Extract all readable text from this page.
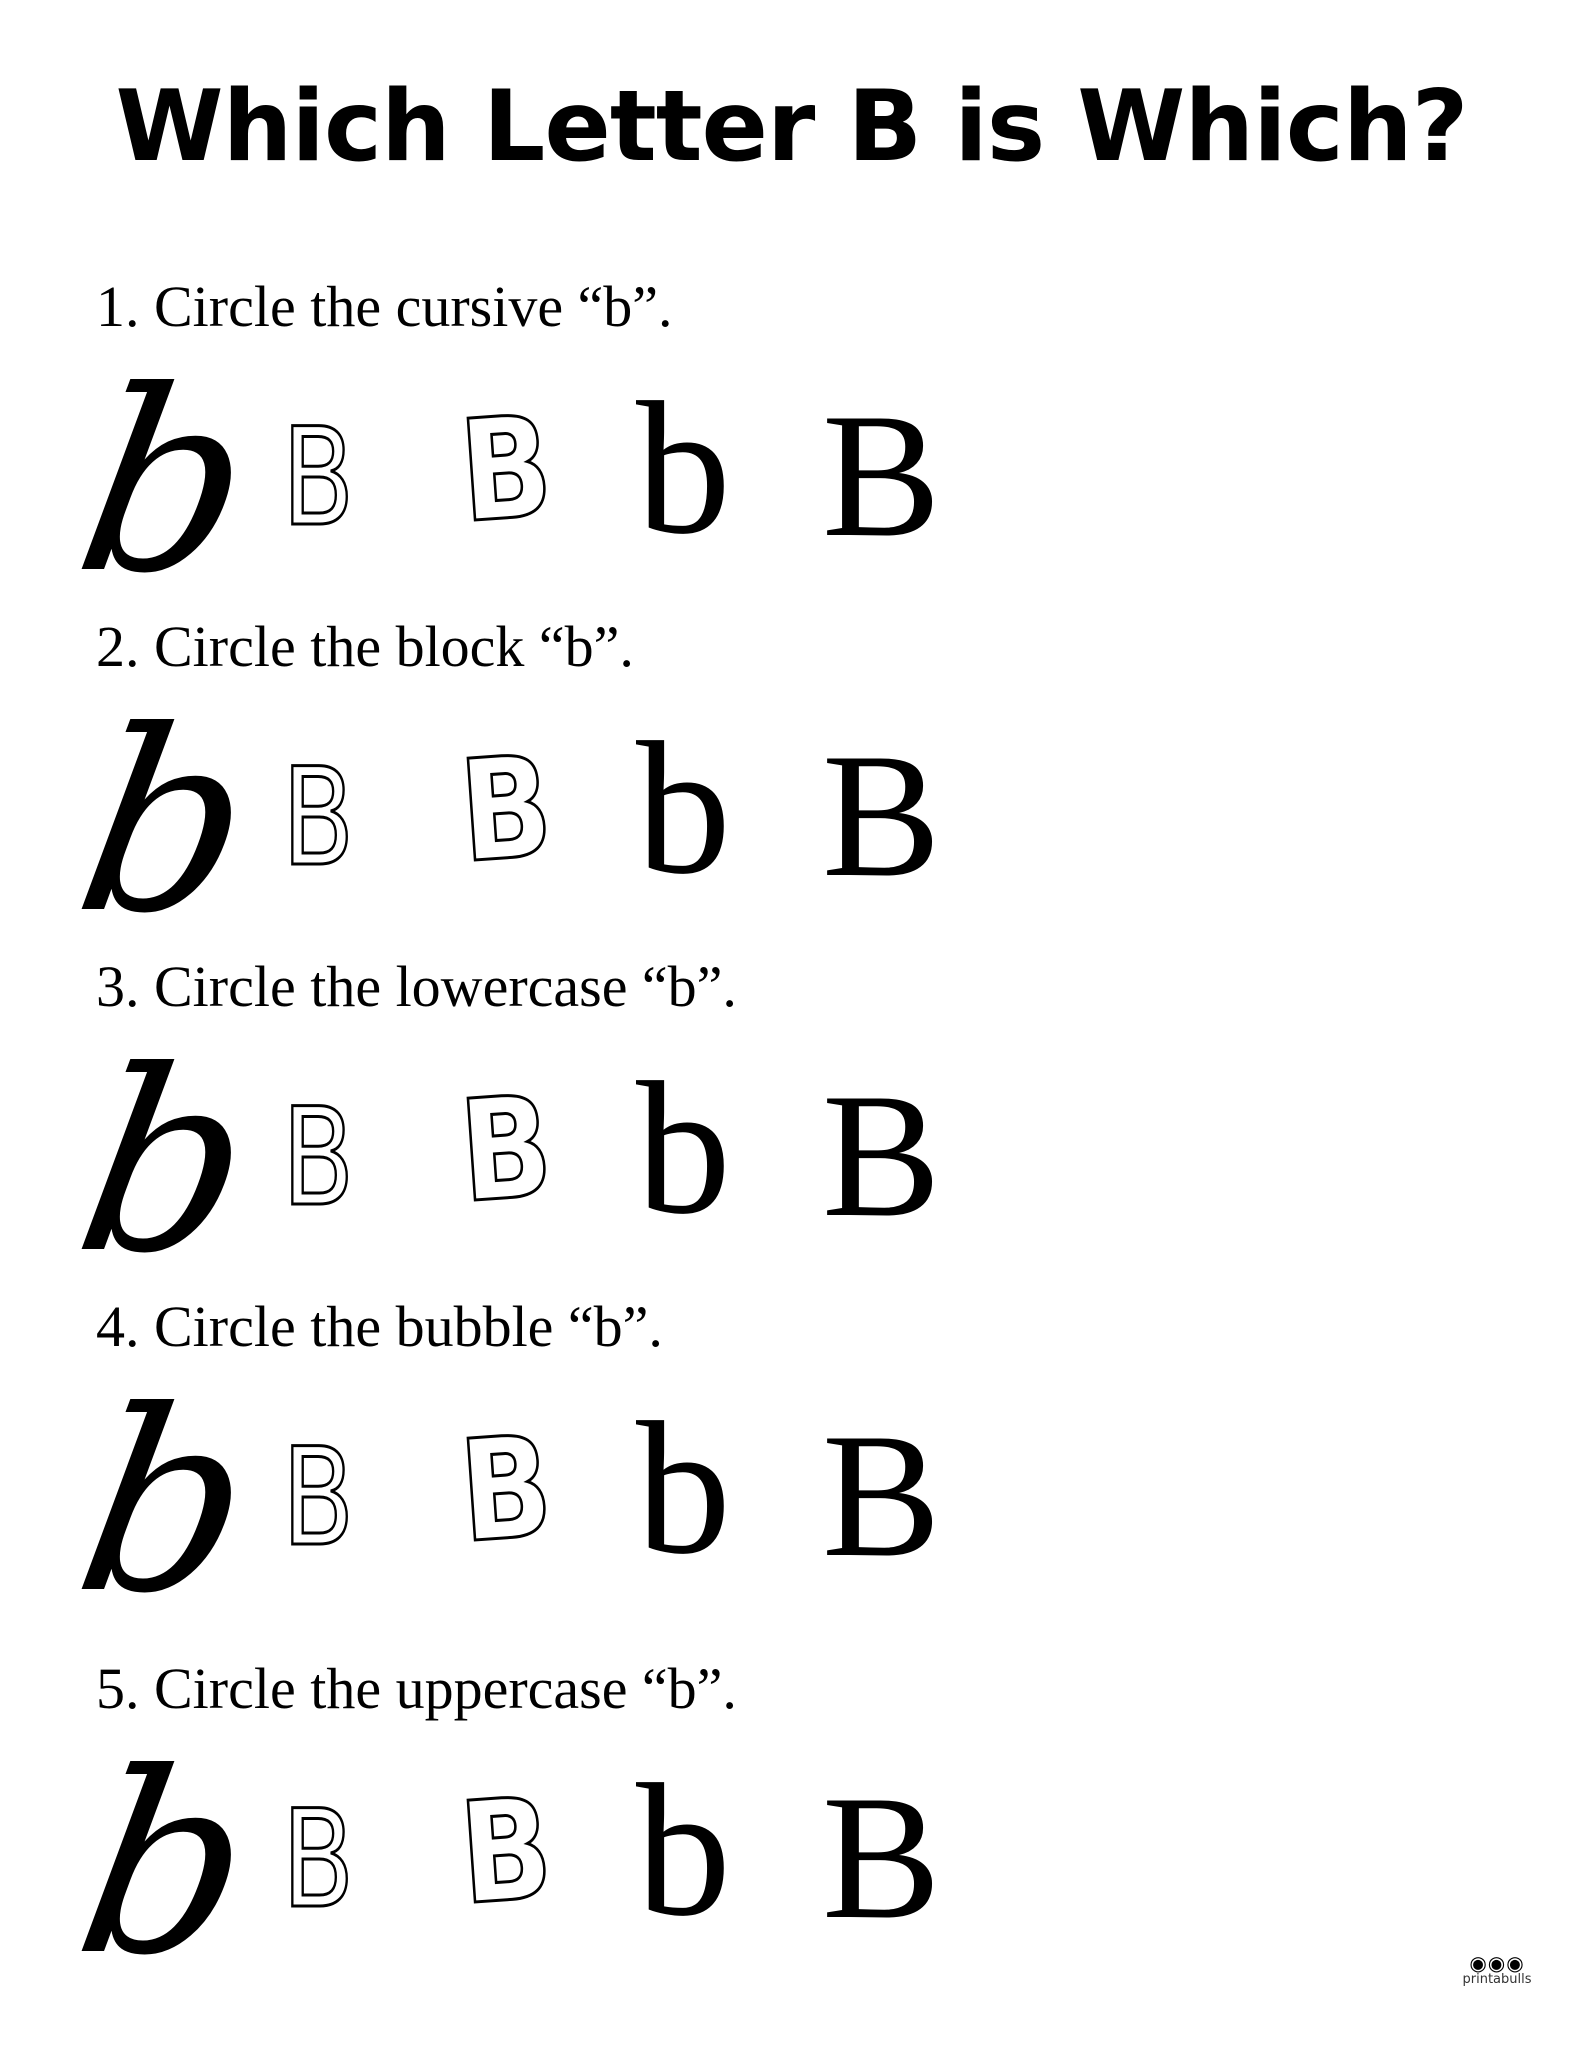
Which Letter B is Which?
1. Circle the cursive “b”.
b B B b B
2. Circle the block “b”.
b B B b B
3. Circle the lowercase “b”.
b B B b B
4. Circle the bubble “b”.
b B B b B
5. Circle the uppercase “b”.
b B B b B
◉◉◉
printabulls
